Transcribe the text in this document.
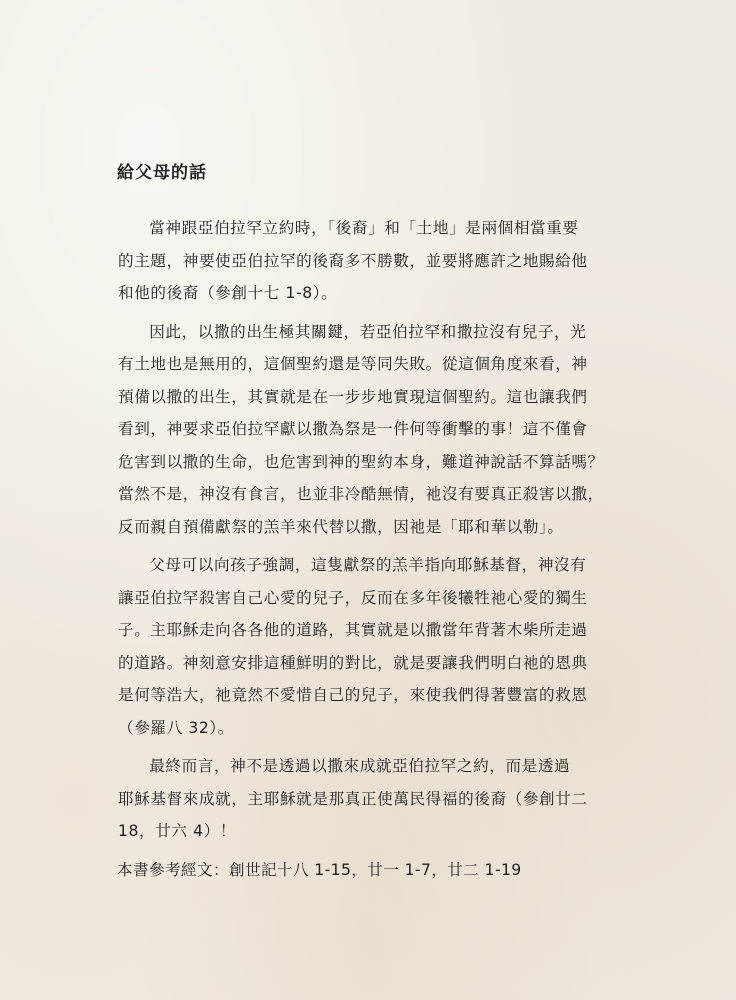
給父母的話

當神跟亞伯拉罕立約時，「後裔」和「土地」是兩個相當重要
的主題，神要使亞伯拉罕的後裔多不勝數，並要將應許之地賜給他
和他的後裔（參創十七 1-8）。

因此，以撒的出生極其關鍵，若亞伯拉罕和撒拉沒有兒子，光
有土地也是無用的，這個聖約還是等同失敗。從這個角度來看，神
預備以撒的出生，其實就是在一步步地實現這個聖約。這也讓我們
看到，神要求亞伯拉罕獻以撒為祭是一件何等衝擊的事！這不僅會
危害到以撒的生命，也危害到神的聖約本身，難道神說話不算話嗎？
當然不是，神沒有食言，也並非冷酷無情，祂沒有要真正殺害以撒，
反而親自預備獻祭的羔羊來代替以撒，因祂是「耶和華以勒」。

父母可以向孩子強調，這隻獻祭的羔羊指向耶穌基督，神沒有
讓亞伯拉罕殺害自己心愛的兒子，反而在多年後犧牲祂心愛的獨生
子。主耶穌走向各各他的道路，其實就是以撒當年背著木柴所走過
的道路。神刻意安排這種鮮明的對比，就是要讓我們明白祂的恩典
是何等浩大，祂竟然不愛惜自己的兒子，來使我們得著豐富的救恩
（參羅八 32）。

最終而言，神不是透過以撒來成就亞伯拉罕之約，而是透過
耶穌基督來成就，主耶穌就是那真正使萬民得福的後裔（參創廿二
18，廿六 4）！

本書參考經文：創世記十八 1-15，廿一 1-7，廿二 1-19
